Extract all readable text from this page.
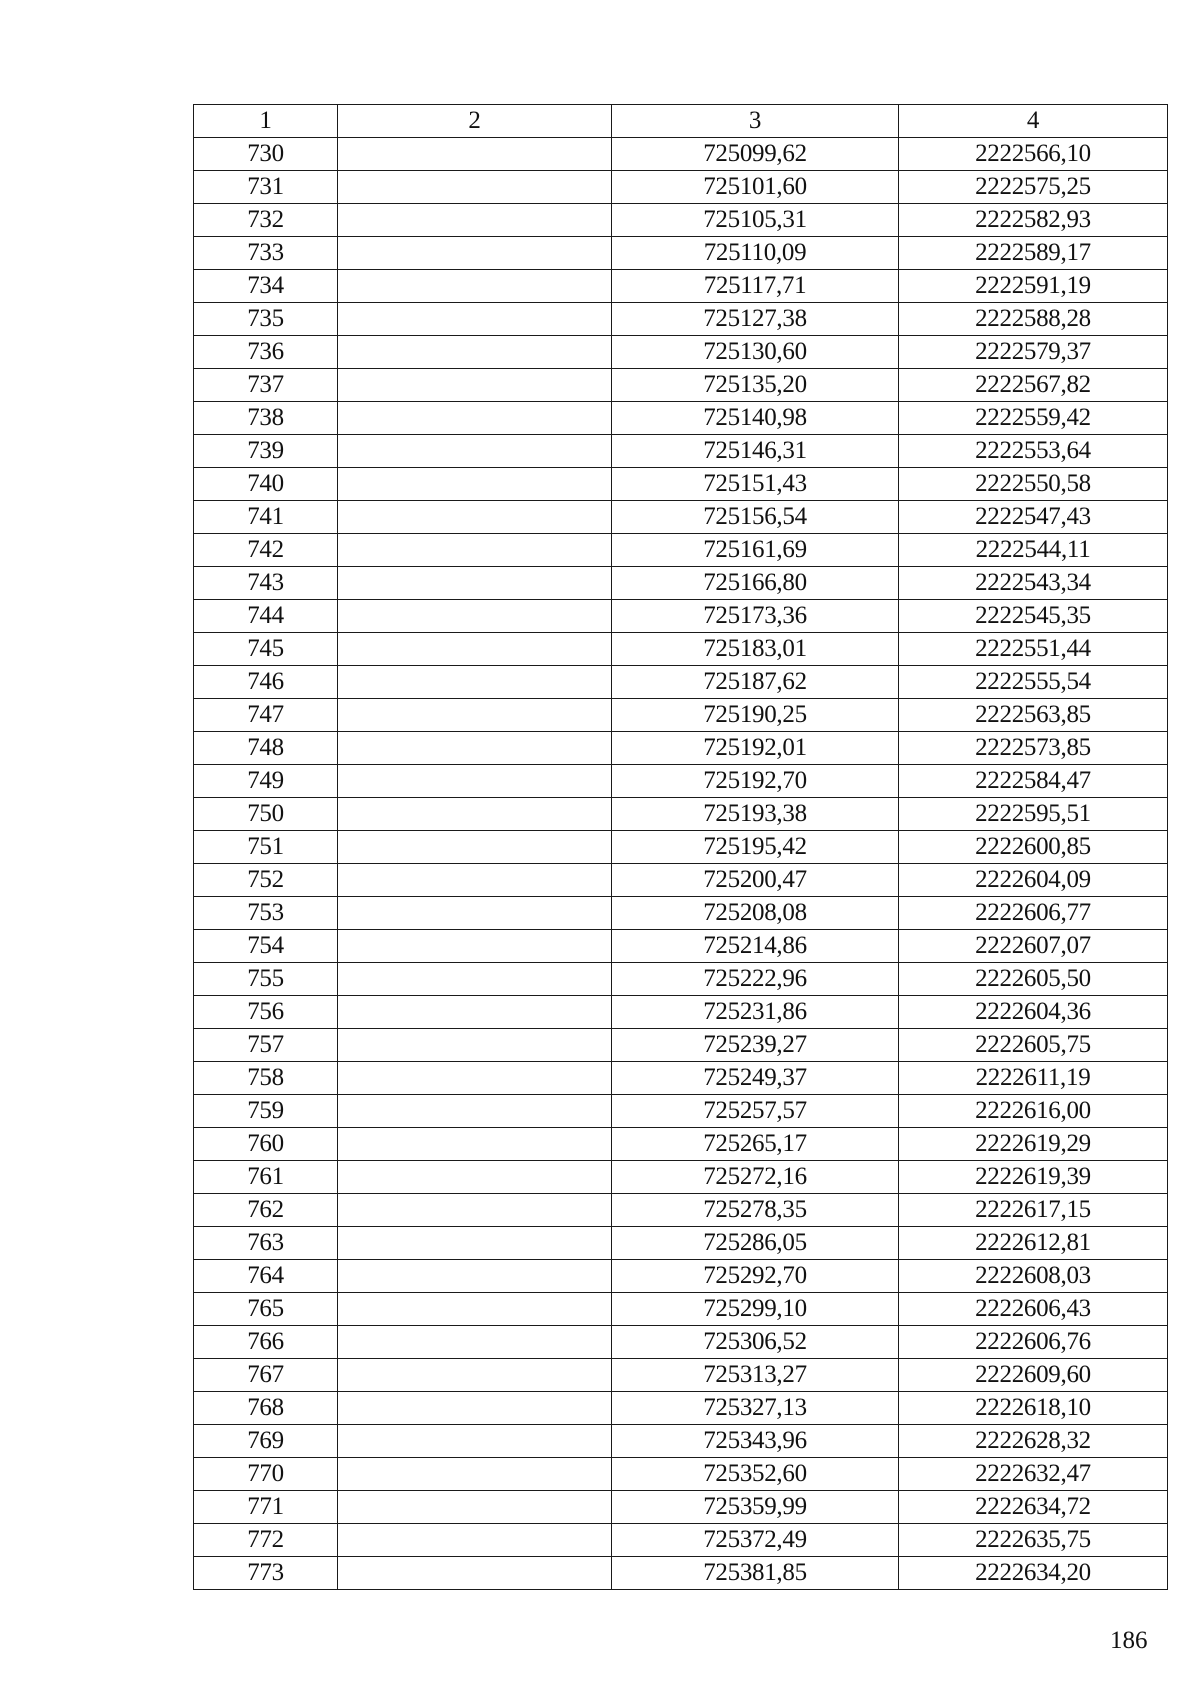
1	2	3	4
730		725099,62	2222566,10
731		725101,60	2222575,25
732		725105,31	2222582,93
733		725110,09	2222589,17
734		725117,71	2222591,19
735		725127,38	2222588,28
736		725130,60	2222579,37
737		725135,20	2222567,82
738		725140,98	2222559,42
739		725146,31	2222553,64
740		725151,43	2222550,58
741		725156,54	2222547,43
742		725161,69	2222544,11
743		725166,80	2222543,34
744		725173,36	2222545,35
745		725183,01	2222551,44
746		725187,62	2222555,54
747		725190,25	2222563,85
748		725192,01	2222573,85
749		725192,70	2222584,47
750		725193,38	2222595,51
751		725195,42	2222600,85
752		725200,47	2222604,09
753		725208,08	2222606,77
754		725214,86	2222607,07
755		725222,96	2222605,50
756		725231,86	2222604,36
757		725239,27	2222605,75
758		725249,37	2222611,19
759		725257,57	2222616,00
760		725265,17	2222619,29
761		725272,16	2222619,39
762		725278,35	2222617,15
763		725286,05	2222612,81
764		725292,70	2222608,03
765		725299,10	2222606,43
766		725306,52	2222606,76
767		725313,27	2222609,60
768		725327,13	2222618,10
769		725343,96	2222628,32
770		725352,60	2222632,47
771		725359,99	2222634,72
772		725372,49	2222635,75
773		725381,85	2222634,20
186
